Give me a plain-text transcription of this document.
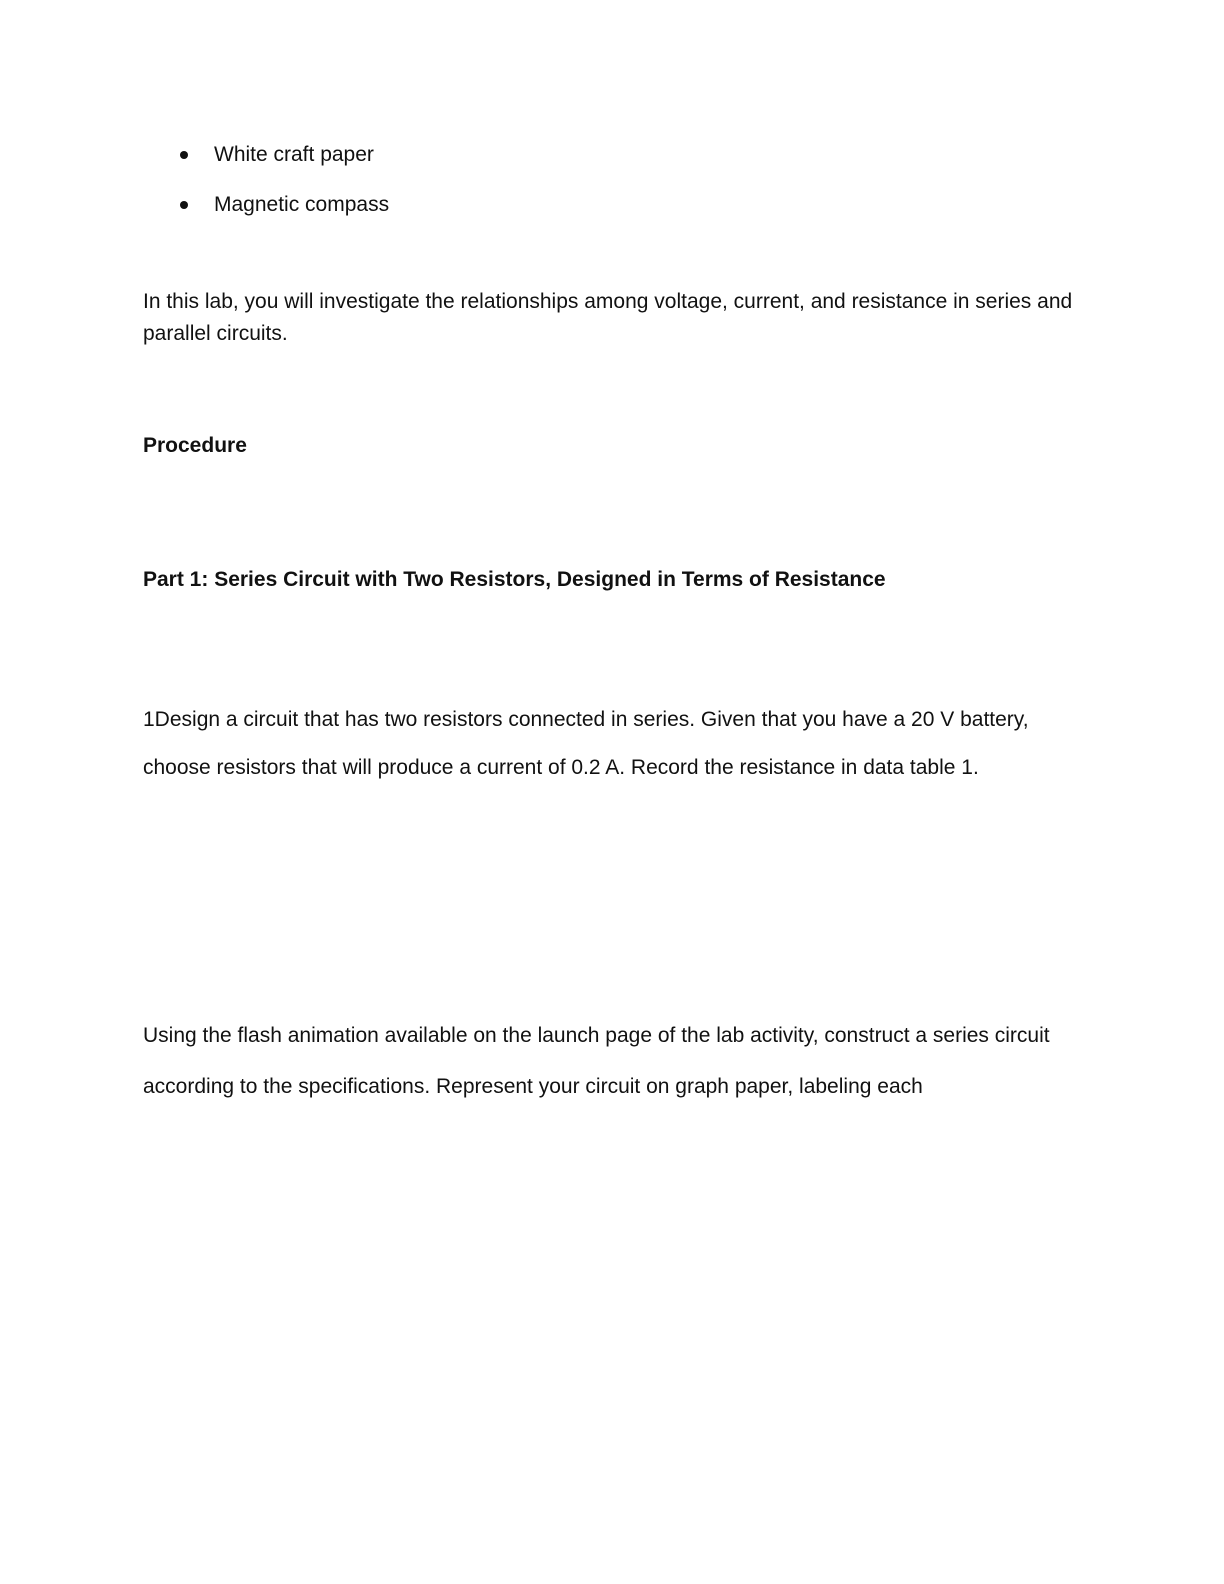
White craft paper
Magnetic compass

In this lab, you will investigate the relationships among voltage, current, and resistance in series and parallel circuits.

Procedure
Part 1: Series Circuit with Two Resistors, Designed in Terms of Resistance

1Design a circuit that has two resistors connected in series. Given that you have a 20 V battery, choose resistors that will produce a current of 0.2 A. Record the resistance in data table 1.

Using the flash animation available on the launch page of the lab activity, construct a series circuit according to the specifications. Represent your circuit on graph paper, labeling each
